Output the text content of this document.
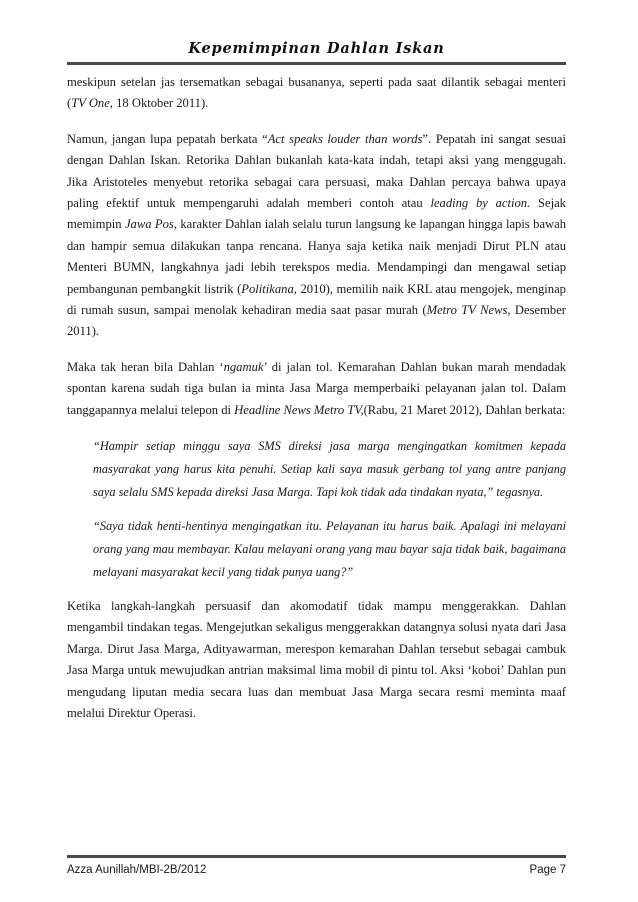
Kepemimpinan Dahlan Iskan

meskipun setelan jas tersematkan sebagai busananya, seperti pada saat dilantik sebagai menteri (TV One, 18 Oktober 2011).

Namun, jangan lupa pepatah berkata “Act speaks louder than words”. Pepatah ini sangat sesuai dengan Dahlan Iskan. Retorika Dahlan bukanlah kata-kata indah, tetapi aksi yang menggugah. Jika Aristoteles menyebut retorika sebagai cara persuasi, maka Dahlan percaya bahwa upaya paling efektif untuk mempengaruhi adalah memberi contoh atau leading by action. Sejak memimpin Jawa Pos, karakter Dahlan ialah selalu turun langsung ke lapangan hingga lapis bawah dan hampir semua dilakukan tanpa rencana. Hanya saja ketika naik menjadi Dirut PLN atau Menteri BUMN, langkahnya jadi lebih terekspos media. Mendampingi dan mengawal setiap pembangunan pembangkit listrik (Politikana, 2010), memilih naik KRL atau mengojek, menginap di rumah susun, sampai menolak kehadiran media saat pasar murah (Metro TV News, Desember 2011).

Maka tak heran bila Dahlan ‘ngamuk’ di jalan tol. Kemarahan Dahlan bukan marah mendadak spontan karena sudah tiga bulan ia minta Jasa Marga memperbaiki pelayanan jalan tol. Dalam tanggapannya melalui telepon di Headline News Metro TV,(Rabu, 21 Maret 2012), Dahlan berkata:

“Hampir setiap minggu saya SMS direksi jasa marga mengingatkan komitmen kepada masyarakat yang harus kita penuhi. Setiap kali saya masuk gerbang tol yang antre panjang saya selalu SMS kepada direksi Jasa Marga. Tapi kok tidak ada tindakan nyata,” tegasnya.

“Saya tidak henti-hentinya mengingatkan itu. Pelayanan itu harus baik. Apalagi ini melayani orang yang mau membayar. Kalau melayani orang yang mau bayar saja tidak baik, bagaimana melayani masyarakat kecil yang tidak punya uang?”

Ketika langkah-langkah persuasif dan akomodatif tidak mampu menggerakkan. Dahlan mengambil tindakan tegas. Mengejutkan sekaligus menggerakkan datangnya solusi nyata dari Jasa Marga. Dirut Jasa Marga, Adityawarman, merespon kemarahan Dahlan tersebut sebagai cambuk Jasa Marga untuk mewujudkan antrian maksimal lima mobil di pintu tol. Aksi ‘koboi’ Dahlan pun mengudang liputan media secara luas dan membuat Jasa Marga secara resmi meminta maaf melalui Direktur Operasi.

Azza Aunillah/MBI-2B/2012	Page 7
